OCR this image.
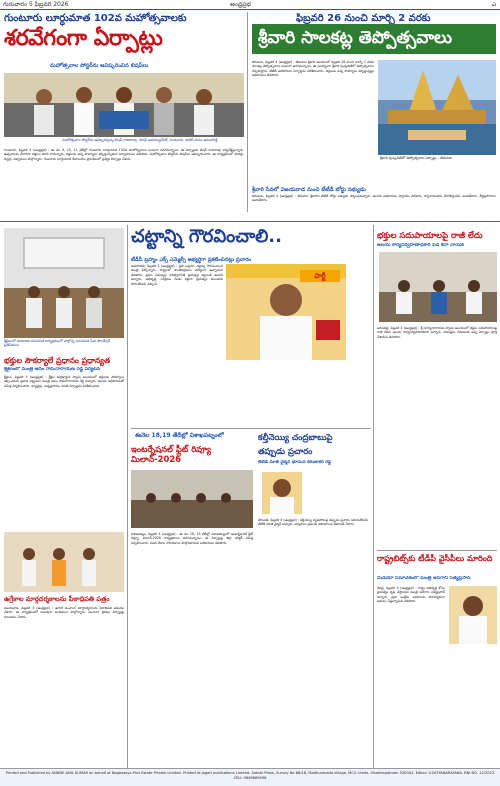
గురువారం 5 ఫిబ్రవరి 2026	అంధ్రప్రభ	ఎ
గుంటూరు లూర్ధుమాత 102వ మహోత్సవాలకు
శరవేగంగా ఏర్పాట్లు
మహోత్సవాల పోస్టర్‌ను ఆవిష్కరించిన బిషప్‌లు
మహోత్సవాల పోస్టర్‌ను ఆవిష్కరిస్తున్న బిషప్ రాజారావు, బిషప్ ఇమాన్యుయేల్, గుంటూరు, ఫాదర్ మనం ఆనందరెడ్డి
గుంటూరు, ఫిబ్రవరి 4 (ఆంధ్రప్రభ) : ఈ నెల 9, 10, 11 తేదీల్లో గుంటూరు లూర్ధుమాత 102వ మహోత్సవాలు ఘనంగా జరగనున్నాయి. ఈ ఏర్పాట్లను బిషప్ రాజారావు పర్యవేక్షిస్తున్నారు. ఉత్సవాలకు వేలాదిగా భక్తులు తరలి రానున్నారు. భక్తులకు అన్ని సౌకర్యాలు కల్పిస్తున్నామని నిర్వాహకులు తెలిపారు. మహోత్సవాల పోస్టర్‌ను బిషప్‌లు ఆవిష్కరించారు. ఈ కార్యక్రమంలో ఫాదర్లు, సిస్టర్లు, విశ్వాసులు పాల్గొన్నారు. గుంటూరు లూర్ధుమాత దేవాలయం ప్రాంగణంలో ప్రత్యేక ఏర్పాట్లు చేశారు.
ఫిబ్రవరి 26 నుంచి మార్చి 2 వరకు
శ్రీవారి సాలకట్ల తెప్పోత్సవాలు
తిరుమల, ఫిబ్రవరి 4 (ఆంధ్రప్రభ) : తిరుమల శ్రీవారి ఆలయంలో ఫిబ్రవరి 26 నుంచి మార్చి 2 వరకు సాలకట్ల తెప్పోత్సవాలు ఘనంగా జరగనున్నాయి. ఈ సందర్భంగా శ్రీవారి పుష్కరిణిలో తెప్పోత్సవాలు నిర్వహిస్తారు. టీటీడీ అధికారులు ఏర్పాట్లను పరిశీలించారు. భక్తులకు అన్ని సౌకర్యాలు కల్పిస్తున్నట్లు అధికారులు తెలిపారు.
శ్రీవారి పుష్కరిణిలో తెప్పోత్సవాల ఏర్పాట్లు - తిరుమల
శ్రీవారి సేవలో విజయవాడ నుంచి టీటీడీ బోర్డు సభ్యుడు
తిరుమల, ఫిబ్రవరి 4 (ఆంధ్రప్రభ) : తిరుమల శ్రీవారిని టీటీడీ బోర్డు సభ్యుడు దర్శించుకున్నారు. ఆలయ అధికారులు స్వాగతం పలికారు. దర్శనానంతరం వేదాశీర్వచనం అందజేశారు. తీర్థప్రసాదాలు అందజేశారు.
శ్రీశైలంలో సామాజిక సమరసత కార్యక్రమంలో పాల్గొన్న సమరసత సేవా ఫౌండేషన్ ప్రతినిధులు
భక్తుల సౌకర్యాలే ప్రధానం ప్రధాన్యత
శ్రీశైలంలో మంత్రి ఆనం రామనారాయణ రెడ్డి పర్యటన
శ్రీశైలం, ఫిబ్రవరి 4 (ఆంధ్రప్రభ) : శ్రీశైల మల్లికార్జున స్వామి ఆలయంలో భక్తులకు సౌకర్యాలు కల్పించడమే ప్రధాన లక్ష్యమని మంత్రి ఆనం రామనారాయణ రెడ్డి అన్నారు. ఆలయ అధికారులతో సమీక్ష నిర్వహించారు. క్యూలైన్లు, అన్నప్రసాదం, వసతి ఏర్పాట్లను పరిశీలించారు.
ఉగ్రేకాల మార్గదర్శకాలను పీఠాధిపతి పత్రం
విజయవాడ, ఫిబ్రవరి 4 (ఆంధ్రప్రభ) : ఉగాది పంచాంగ మార్గదర్శకాలను పీఠాధిపతి విడుదల చేశారు. ఈ కార్యక్రమంలో పలువురు పండితులు పాల్గొన్నారు. పంచాంగ శ్రవణం ఏర్పాట్లపై సూచనలు చేశారు.
చట్టాన్ని గౌరవించాలి..
టీడీపీ బ్రహ్మం ఎక్స్ ఎమ్మెల్సీ అభ్యర్థిగా ప్రకటించినట్లు ప్రచారం
అమరావతి, ఫిబ్రవరి 4 (ఆంధ్రప్రభ) : ప్రతి ఒక్కరూ చట్టాన్ని గౌరవించాలని మంత్రి పేర్కొన్నారు. రాష్ట్రంలో శాంతిభద్రతలు పటిష్టంగా ఉన్నాయని తెలిపారు. ప్రజల సమస్యల పరిష్కారానికి ప్రభుత్వం కట్టుబడి ఉందని అన్నారు. అభివృద్ధి, సంక్షేమం రెండు కళ్లుగా ప్రభుత్వం ముందుకు సాగుతోందని చెప్పారు.
పార్టీ
కల్తీనెయ్యి చంద్రబాబుపై
తప్పుడు ప్రచారం
టీటీడీ మాజీ ఛైర్మన్ భూమన కరుణాకర్ రెడ్డి
తిరుపతి, ఫిబ్రవరి 4 (ఆంధ్రప్రభ) : కల్తీనెయ్యి వ్యవహారంపై తప్పుడు ప్రచారం జరుగుతోందని టీటీడీ మాజీ ఛైర్మన్ అన్నారు. వాస్తవాలు ప్రజలకు తెలియాలని డిమాండ్ చేశారు.
ఈనెల 18,19 తేదీల్లో విశాఖపట్నంలో
ఇంటర్నేషనల్ ఫ్లీట్ రివ్యూ మిలాన్-2026
విశాఖపట్నం, ఫిబ్రవరి 4 (ఆంధ్రప్రభ) : ఈ నెల 18, 19 తేదీల్లో విశాఖపట్నంలో ఇంటర్నేషనల్ ఫ్లీట్ రివ్యూ, మిలాన్-2026 కార్యక్రమాలు జరగనున్నాయి. ఈ ఏర్పాట్లపై జిల్లా కలెక్టర్ సమీక్ష నిర్వహించారు. వివిధ దేశాల నౌకాదళాలు పాల్గొంటాయని అధికారులు తెలిపారు.
భక్తుల సదుపాయాలపై రాజీ లేదు
అలయ కార్యనిర్వహణాధికారి పిడి శీనా నాయక్
అరసవల్లి, ఫిబ్రవరి 4 (ఆంధ్రప్రభ) : శ్రీ సూర్యనారాయణ స్వామి ఆలయంలో భక్తుల సదుపాయాలపై రాజీ లేదని ఆలయ కార్యనిర్వహణాధికారి అన్నారు. రథసప్తమి వేడుకలకు అన్ని ఏర్పాట్లు పూర్తి చేశామని తెలిపారు.
రాష్ట్రబిట్స్‌కు టీడీపీ వైసీపీలు మారింది
మీడియా సమావేశంలో మంత్రి అనగాని సత్యప్రసాద్
రేపల్లె, ఫిబ్రవరి 4 (ఆంధ్రప్రభ) : రాష్ట్ర అభివృద్ధి కోసం ప్రభుత్వం కృషి చేస్తోందని మంత్రి అనగాని సత్యప్రసాద్ అన్నారు. ప్రజా సంక్షేమ పథకాలను పారదర్శకంగా అమలు చేస్తున్నామని తెలిపారు.
Printed and Published by ANNDE ANIL KUMAR on behalf of Nagavasya Pins Estate Private Limited. Printed at jagati publications Limited, Sakshi Press, Survey No 88/18, Madhuravada village, MCV Limits, Visakhapatnam 530041. Editor: V.SATYANARAYANA. RNI NO. 12/2023 CELL 9849889096
